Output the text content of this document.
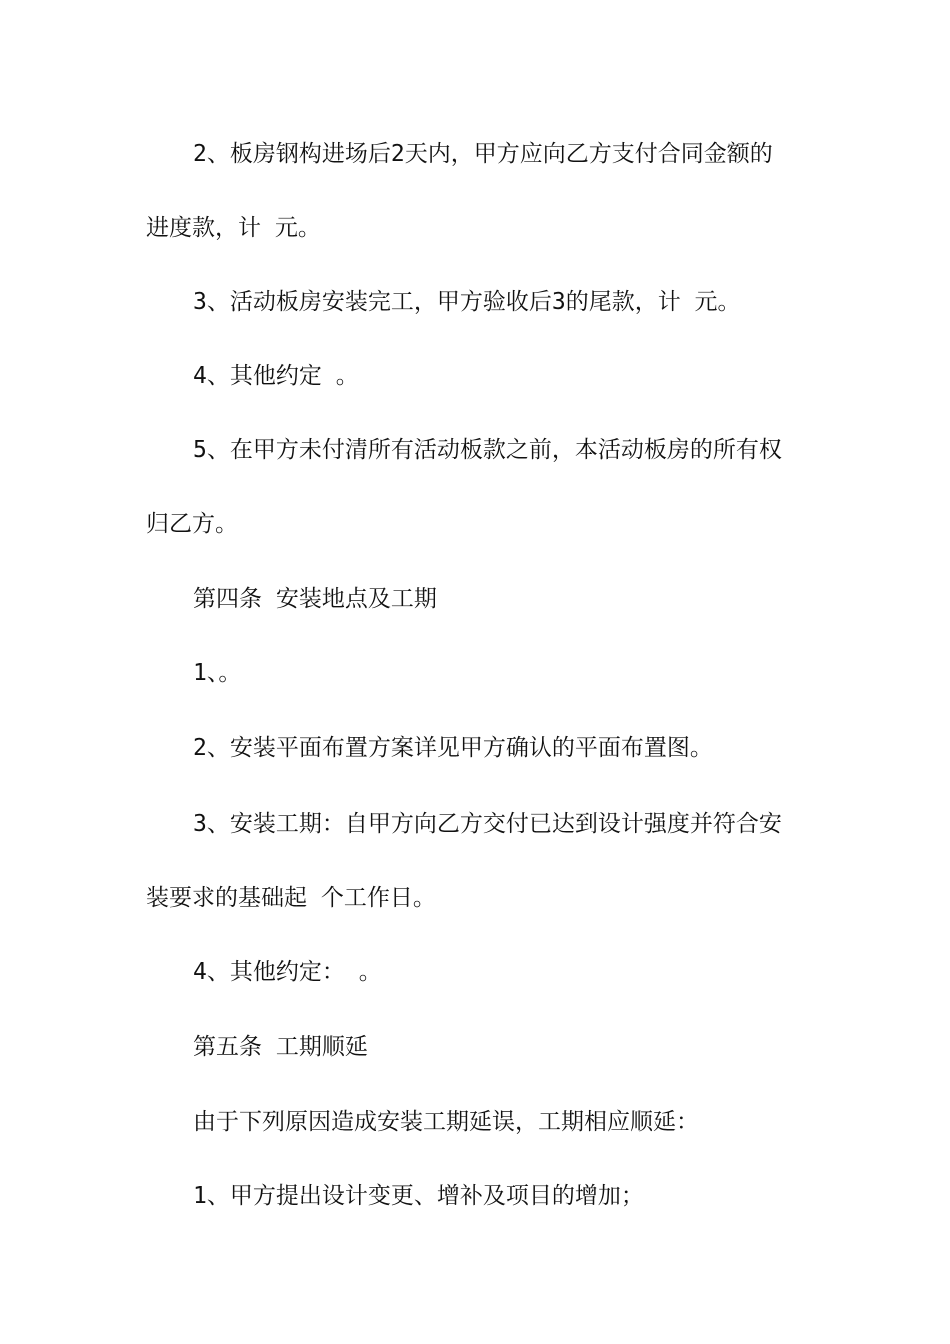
2、板房钢构进场后2天内，甲方应向乙方支付合同金额的

进度款，计 元。

3、活动板房安装完工，甲方验收后3的尾款，计 元。

4、其他约定 。

5、在甲方未付清所有活动板款之前，本活动板房的所有权

归乙方。

第四条 安装地点及工期

1、。

2、安装平面布置方案详见甲方确认的平面布置图。

3、安装工期：自甲方向乙方交付已达到设计强度并符合安

装要求的基础起 个工作日。

4、其他约定： 。

第五条 工期顺延

由于下列原因造成安装工期延误，工期相应顺延：

1、甲方提出设计变更、增补及项目的增加；
